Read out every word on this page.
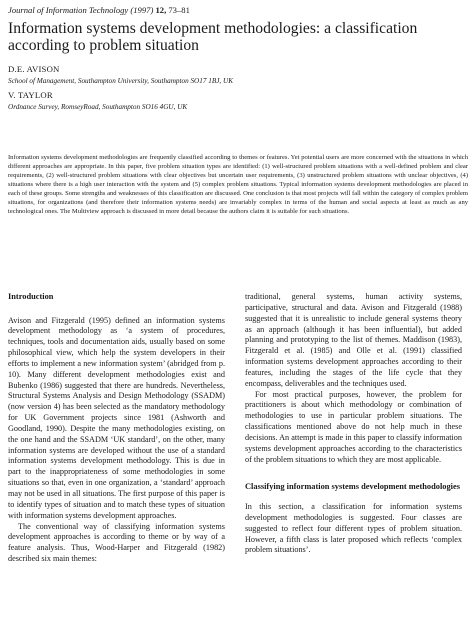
Journal of Information Technology (1997) 12, 73–81
Information systems development methodologies: a classification according to problem situation
D.E. AVISON
School of Management, Southampton University, Southampton SO17 1BJ, UK
V. TAYLOR
Ordnance Survey, RomseyRoad, Southampton SO16 4GU, UK
Information systems development methodologies are frequently classified according to themes or features. Yet potential users are more concerned with the situations in which different approaches are appropriate. In this paper, five problem situation types are identified: (1) well-structured problem situations with a well-defined problem and clear requirements, (2) well-structured problem situations with clear objectives but uncertain user requirements, (3) unstructured problem situations with unclear objectives, (4) situations where there is a high user interaction with the system and (5) complex problem situations. Typical information systems development methodologies are placed in each of these groups. Some strengths and weaknesses of this classification are discussed. One conclusion is that most projects will fall within the category of complex problem situations, for organizations (and therefore their information systems needs) are invariably complex in terms of the human and social aspects at least as much as any technological ones. The Multiview approach is discussed in more detail because the authors claim it is suitable for such situations.
Introduction

Avison and Fitzgerald (1995) defined an information systems development methodology as ‘a system of procedures, techniques, tools and documentation aids, usually based on some philosophical view, which help the system developers in their efforts to implement a new information system’ (abridged from p. 10). Many different development methodologies exist and Bubenko (1986) suggested that there are hundreds. Nevertheless, Structural Systems Analysis and Design Methodology (SSADM) (now version 4) has been selected as the mandatory methodology for UK Government projects since 1981 (Ashworth and Goodland, 1990). Despite the many methodologies existing, on the one hand and the SSADM ‘UK standard’, on the other, many information systems are developed without the use of a standard information systems development methodology. This is due in part to the inappropriateness of some methodologies in some situations so that, even in one organization, a ‘standard’ approach may not be used in all situations. The first purpose of this paper is to identify types of situation and to match these types of situation with information systems development approaches.

The conventional way of classifying information systems development approaches is according to theme or by way of a feature analysis. Thus, Wood-Harper and Fitzgerald (1982) described six main themes:

traditional, general systems, human activity systems, participative, structural and data. Avison and Fitzgerald (1988) suggested that it is unrealistic to include general systems theory as an approach (although it has been influential), but added planning and prototyping to the list of themes. Maddison (1983), Fitzgerald et al. (1985) and Olle et al. (1991) classified information systems development approaches according to their features, including the stages of the life cycle that they encompass, deliverables and the techniques used.

For most practical purposes, however, the problem for practitioners is about which methodology or combination of methodologies to use in particular problem situations. The classifications mentioned above do not help much in these decisions. An attempt is made in this paper to classify information systems development approaches according to the characteristics of the problem situations to which they are most applicable.

Classifying information systems development methodologies

In this section, a classification for information systems development methodologies is suggested. Four classes are suggested to reflect four different types of problem situation. However, a fifth class is later proposed which reflects ‘complex problem situations’.
